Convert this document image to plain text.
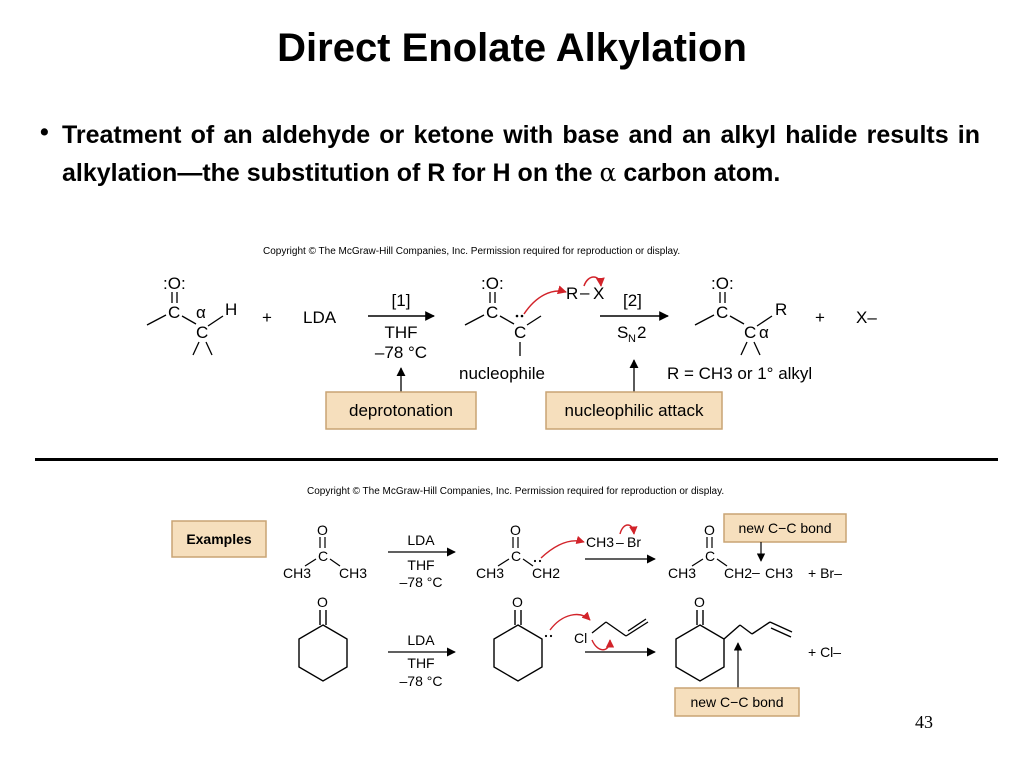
Direct Enolate Alkylation
• Treatment of an aldehyde or ketone with base and an alkyl halide results in alkylation—the substitution of R for H on the α carbon atom.
Copyright © The McGraw-Hill Companies, Inc. Permission required for reproduction or display.
Copyright © The McGraw-Hill Companies, Inc. Permission required for reproduction or display.
:O:
C α
C
H + LDA
[1]
THF
–78 °C
:O:
C
C
R – X
nucleophile
[2]
S N 2
:O:
C
C
R
α
+ X–
R = CH3 or 1° alkyl
deprotonation	nucleophilic attack
Examples
O
C
CH3 CH3
LDA
THF
–78 °C
O
C
CH3 CH2
CH3 – Br
O
C
CH3 CH2 – CH3 + Br–
new C−C bond
O
LDA
THF
–78 °C
O
Cl
O
+ Cl–
new C−C bond
43
